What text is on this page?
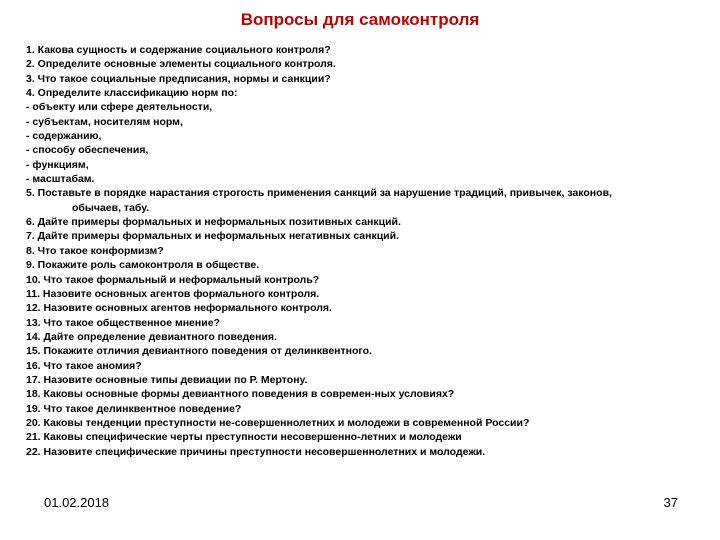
Вопросы для самоконтроля
1. Какова сущность и содержание социального контроля?
2. Определите основные элементы социального контроля.
3. Что такое социальные предписания, нормы и санкции?
4. Определите классификацию норм по:
- объекту или сфере деятельности,
- субъектам, носителям норм,
- содержанию,
- способу обеспечения,
- функциям,
- масштабам.
5. Поставьте в порядке нарастания строгость применения санкций за нарушение традиций, привычек, законов,
обычаев, табу.
6. Дайте примеры формальных и неформальных позитивных санкций.
7. Дайте примеры формальных и неформальных негативных санкций.
8. Что такое конформизм?
9. Покажите роль самоконтроля в обществе.
10. Что такое формальный и неформальный контроль?
11. Назовите основных агентов формального контроля.
12. Назовите основных агентов неформального контроля.
13. Что такое общественное мнение?
14. Дайте определение девиантного поведения.
15. Покажите отличия девиантного поведения от делинквентного.
16. Что такое аномия?
17. Назовите основные типы девиации по Р. Мертону.
18. Каковы основные формы девиантного поведения в современ-ных условиях?
19. Что такое делинквентное поведение?
20. Каковы тенденции преступности не-совершеннолетних и молодежи в современной России?
21. Каковы специфические черты преступности несовершенно-летних и молодежи
22. Назовите специфические причины преступности несовершеннолетних и молодежи.
01.02.2018	37
